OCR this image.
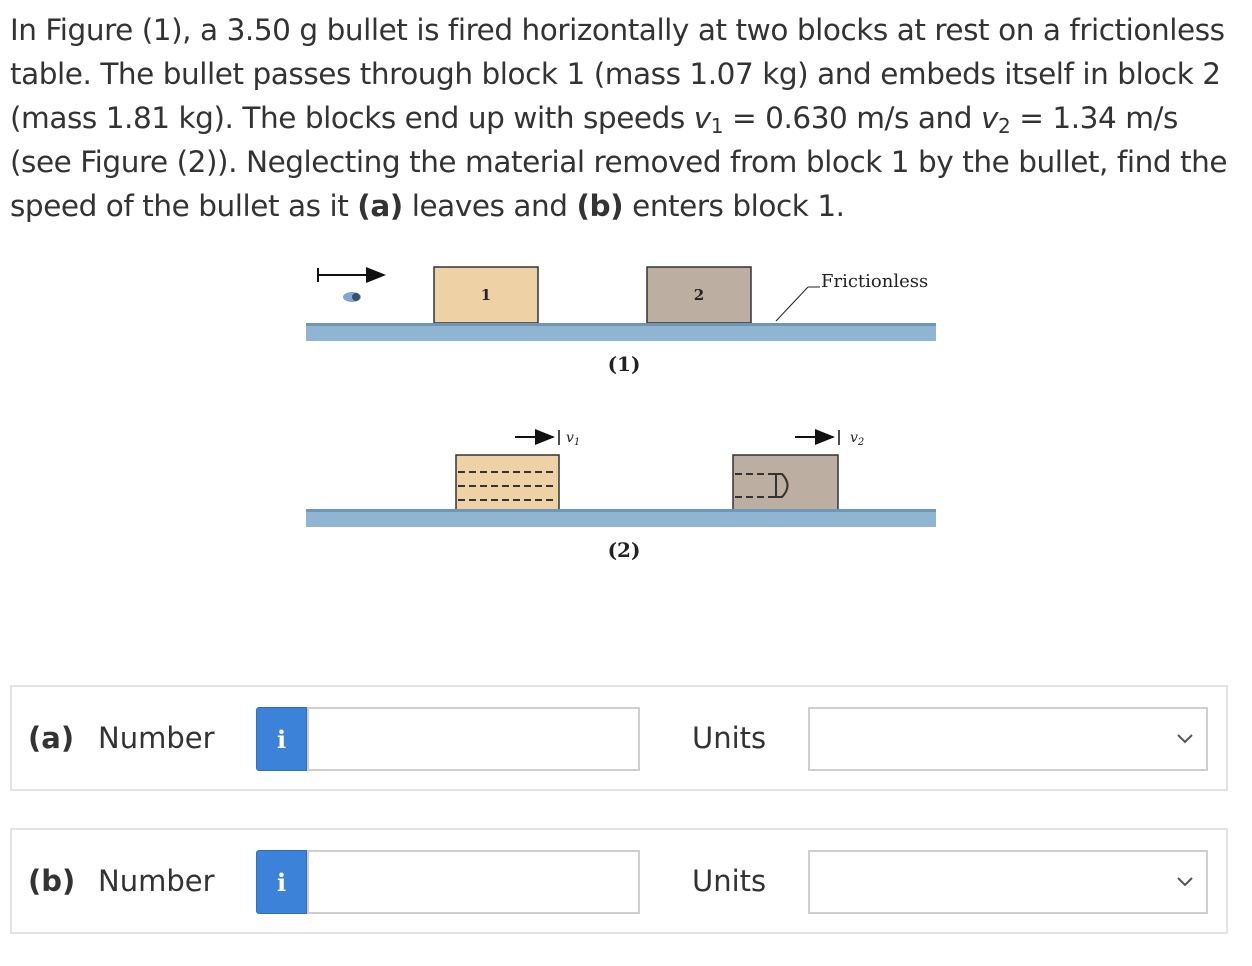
In Figure (1), a 3.50 g bullet is fired horizontally at two blocks at rest on a frictionless table. The bullet passes through block 1 (mass 1.07 kg) and embeds itself in block 2 (mass 1.81 kg). The blocks end up with speeds $v_1 = 0.630$ m/s and $v_2 = 1.34$ m/s (see Figure (2)). Neglecting the material removed from block 1 by the bullet, find the speed of the bullet as it (a) leaves and (b) enters block 1.
1	2
Frictionless
(1)
$v_1$	$v_2$
(2)
(a) Number	i	Units
(b) Number	i	Units
